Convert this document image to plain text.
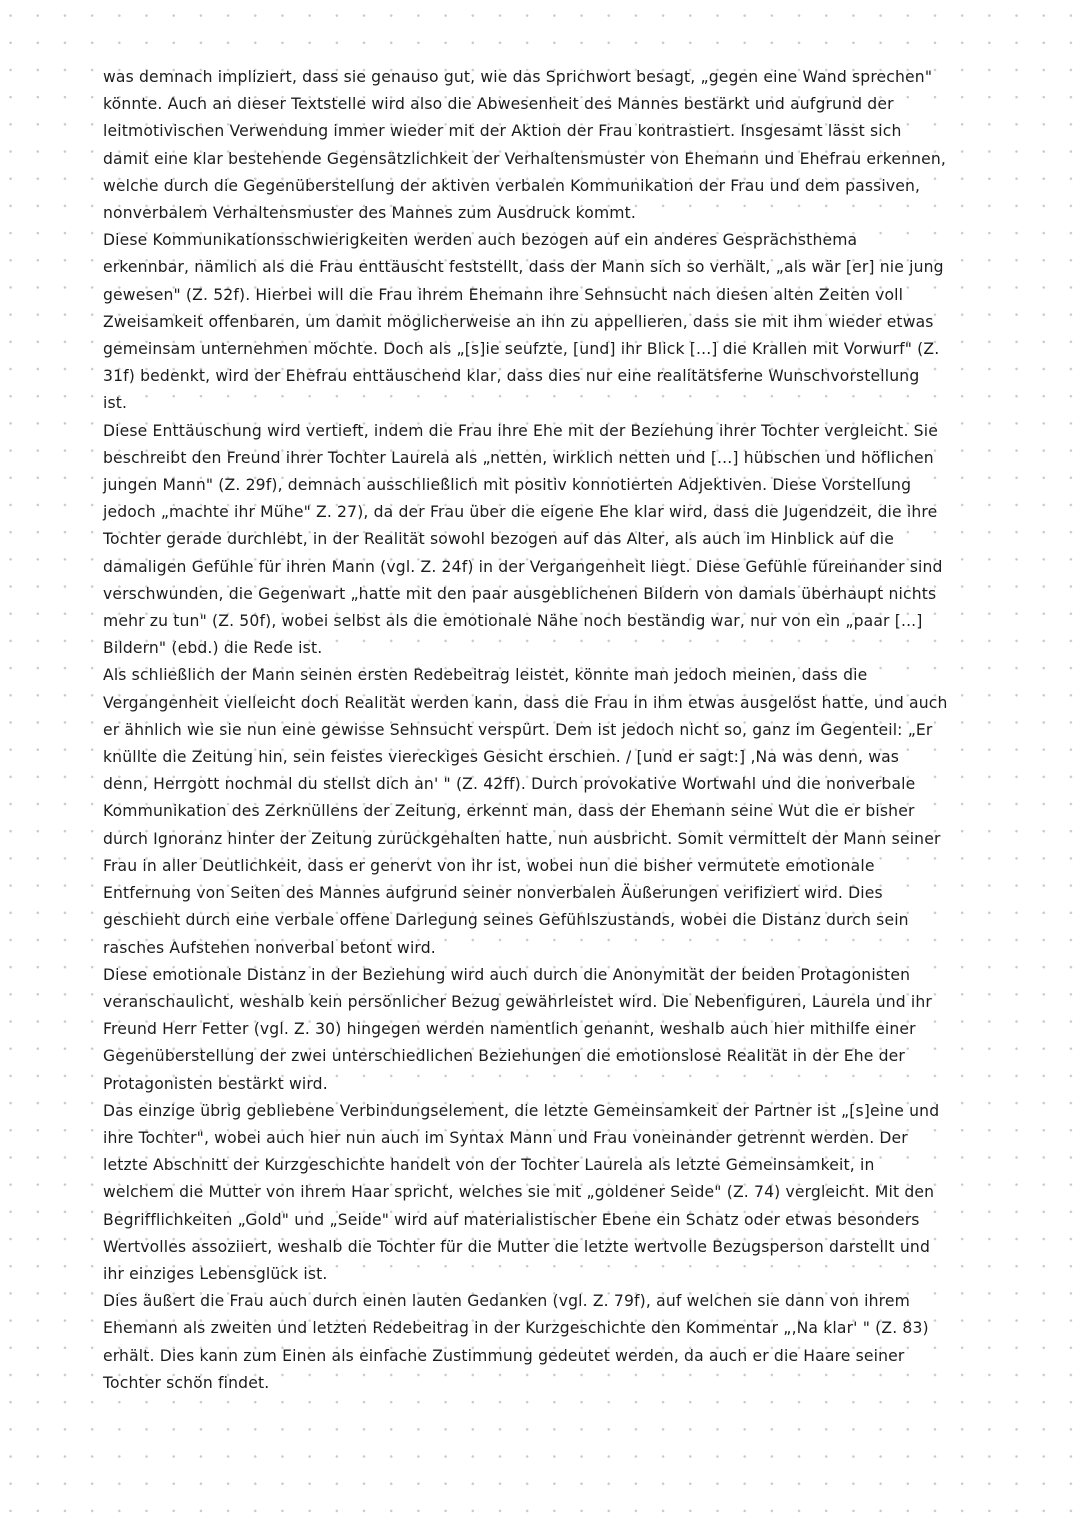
was demnach impliziert, dass sie genauso gut, wie das Sprichwort besagt, „gegen eine Wand sprechen" könnte. Auch an dieser Textstelle wird also die Abwesenheit des Mannes bestärkt und aufgrund der leitmotivischen Verwendung immer wieder mit der Aktion der Frau kontrastiert. Insgesamt lässt sich damit eine klar bestehende Gegensätzlichkeit der Verhaltensmuster von Ehemann und Ehefrau erkennen, welche durch die Gegenüberstellung der aktiven verbalen Kommunikation der Frau und dem passiven, nonverbalem Verhaltensmuster des Mannes zum Ausdruck kommt.

Diese Kommunikationsschwierigkeiten werden auch bezogen auf ein anderes Gesprächsthema erkennbar, nämlich als die Frau enttäuscht feststellt, dass der Mann sich so verhält, „als wär [er] nie jung gewesen" (Z. 52f). Hierbei will die Frau ihrem Ehemann ihre Sehnsucht nach diesen alten Zeiten voll Zweisamkeit offenbaren, um damit möglicherweise an ihn zu appellieren, dass sie mit ihm wieder etwas gemeinsam unternehmen möchte. Doch als „[s]ie seufzte, [und] ihr Blick [...] die Krallen mit Vorwurf" (Z. 31f) bedenkt, wird der Ehefrau enttäuschend klar, dass dies nur eine realitätsferne Wunschvorstellung ist.

Diese Enttäuschung wird vertieft, indem die Frau ihre Ehe mit der Beziehung ihrer Tochter vergleicht. Sie beschreibt den Freund ihrer Tochter Laurela als „netten, wirklich netten und [...] hübschen und höflichen jungen Mann" (Z. 29f), demnach ausschließlich mit positiv konnotierten Adjektiven. Diese Vorstellung jedoch „machte ihr Mühe" Z. 27), da der Frau über die eigene Ehe klar wird, dass die Jugendzeit, die ihre Tochter gerade durchlebt, in der Realität sowohl bezogen auf das Alter, als auch im Hinblick auf die damaligen Gefühle für ihren Mann (vgl. Z. 24f) in der Vergangenheit liegt. Diese Gefühle füreinander sind verschwunden, die Gegenwart „hatte mit den paar ausgeblichenen Bildern von damals überhaupt nichts mehr zu tun" (Z. 50f), wobei selbst als die emotionale Nähe noch beständig war, nur von ein „paar [...] Bildern" (ebd.) die Rede ist.

Als schließlich der Mann seinen ersten Redebeitrag leistet, könnte man jedoch meinen, dass die Vergangenheit vielleicht doch Realität werden kann, dass die Frau in ihm etwas ausgelöst hatte, und auch er ähnlich wie sie nun eine gewisse Sehnsucht verspürt. Dem ist jedoch nicht so, ganz im Gegenteil: „Er knüllte die Zeitung hin, sein feistes viereckiges Gesicht erschien. / [und er sagt:] ‚Na was denn, was denn, Herrgott nochmal du stellst dich an' " (Z. 42ff). Durch provokative Wortwahl und die nonverbale Kommunikation des Zerknüllens der Zeitung, erkennt man, dass der Ehemann seine Wut die er bisher durch Ignoranz hinter der Zeitung zurückgehalten hatte, nun ausbricht. Somit vermittelt der Mann seiner Frau in aller Deutlichkeit, dass er genervt von ihr ist, wobei nun die bisher vermutete emotionale Entfernung von Seiten des Mannes aufgrund seiner nonverbalen Äußerungen verifiziert wird. Dies geschieht durch eine verbale offene Darlegung seines Gefühlszustands, wobei die Distanz durch sein rasches Aufstehen nonverbal betont wird.

Diese emotionale Distanz in der Beziehung wird auch durch die Anonymität der beiden Protagonisten veranschaulicht, weshalb kein persönlicher Bezug gewährleistet wird. Die Nebenfiguren, Laurela und ihr Freund Herr Fetter (vgl. Z. 30) hingegen werden namentlich genannt, weshalb auch hier mithilfe einer Gegenüberstellung der zwei unterschiedlichen Beziehungen die emotionslose Realität in der Ehe der Protagonisten bestärkt wird.

Das einzige übrig gebliebene Verbindungselement, die letzte Gemeinsamkeit der Partner ist „[s]eine und ihre Tochter", wobei auch hier nun auch im Syntax Mann und Frau voneinander getrennt werden. Der letzte Abschnitt der Kurzgeschichte handelt von der Tochter Laurela als letzte Gemeinsamkeit, in welchem die Mutter von ihrem Haar spricht, welches sie mit „goldener Seide" (Z. 74) vergleicht. Mit den Begrifflichkeiten „Gold" und „Seide" wird auf materialistischer Ebene ein Schatz oder etwas besonders Wertvolles assoziiert, weshalb die Tochter für die Mutter die letzte wertvolle Bezugsperson darstellt und ihr einziges Lebensglück ist.

Dies äußert die Frau auch durch einen lauten Gedanken (vgl. Z. 79f), auf welchen sie dann von ihrem Ehemann als zweiten und letzten Redebeitrag in der Kurzgeschichte den Kommentar „‚Na klar' " (Z. 83) erhält. Dies kann zum Einen als einfache Zustimmung gedeutet werden, da auch er die Haare seiner Tochter schön findet.
